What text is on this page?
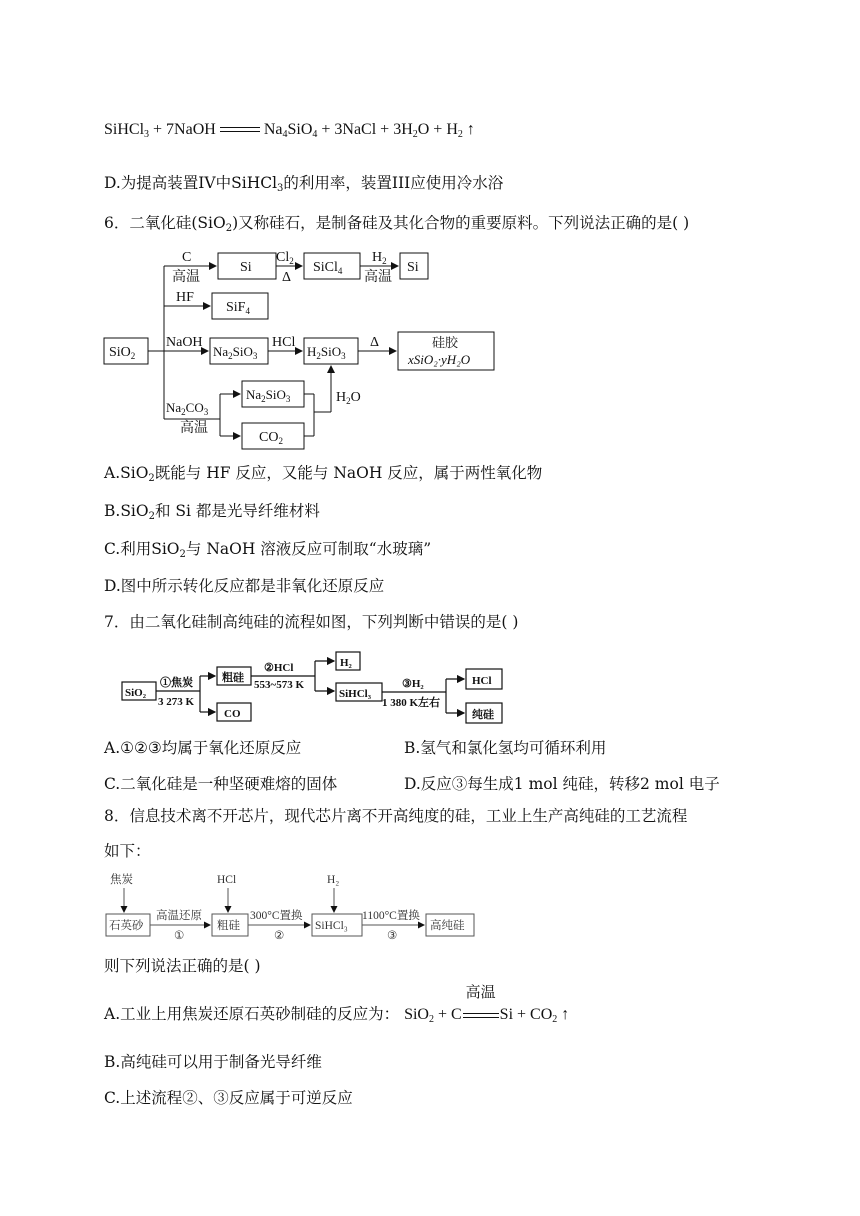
SiHCl$_3$ + 7NaOH	$Na_4SiO_4$ + 3NaCl + $3H_2O + H_2$ ↑
D.为提高装置IV中SiHCl$_3$的利用率，装置III应使用冷水浴
6．二氧化硅(SiO$_2$)又称硅石，是制备硅及其化合物的重要原料。下列说法正确的是( )
SiO$_2$
C
高温
Si
$Cl_2$
Δ
SiCl$_4$
$H_2$
高温
Si
HF
SiF$_4$
NaOH
$Na_2SiO_3$
HCl
$H_2SiO_3$
Δ	硅胶
xSiO₂·yH₂O
$Na_2CO_3$
高温
$Na_2SiO_3$
$CO_2$
$H_2O$
A.SiO$_2$既能与 HF 反应，又能与 NaOH 反应，属于两性氧化物
B.SiO$_2$和 Si 都是光导纤维材料
C.利用SiO$_2$与 NaOH 溶液反应可制取“水玻璃”
D.图中所示转化反应都是非氧化还原反应
7．由二氧化硅制高纯硅的流程如图，下列判断中错误的是( )
SiO₂
①焦炭
3 273 K
粗硅
CO
②HCl
553~573 K
H₂
SiHCl₃
③H₂
1 380 K左右
HCl
纯硅
A.①②③均属于氧化还原反应	B.氢气和氯化氢均可循环利用
C.二氧化硅是一种坚硬难熔的固体	D.反应③每生成1 mol 纯硅，转移2 mol 电子
8．信息技术离不开芯片，现代芯片离不开高纯度的硅，工业上生产高纯硅的工艺流程
如下：
焦炭	HCl	H₂
石英砂
高温还原
①
粗硅
300°C置换
②
SiHCl₃
1100°C置换
③
高纯硅
则下列说法正确的是( )
A.工业上用焦炭还原石英砂制硅的反应为： SiO$_2$ + C
高温
$Si + CO_2$ ↑
B.高纯硅可以用于制备光导纤维
C.上述流程②、③反应属于可逆反应
